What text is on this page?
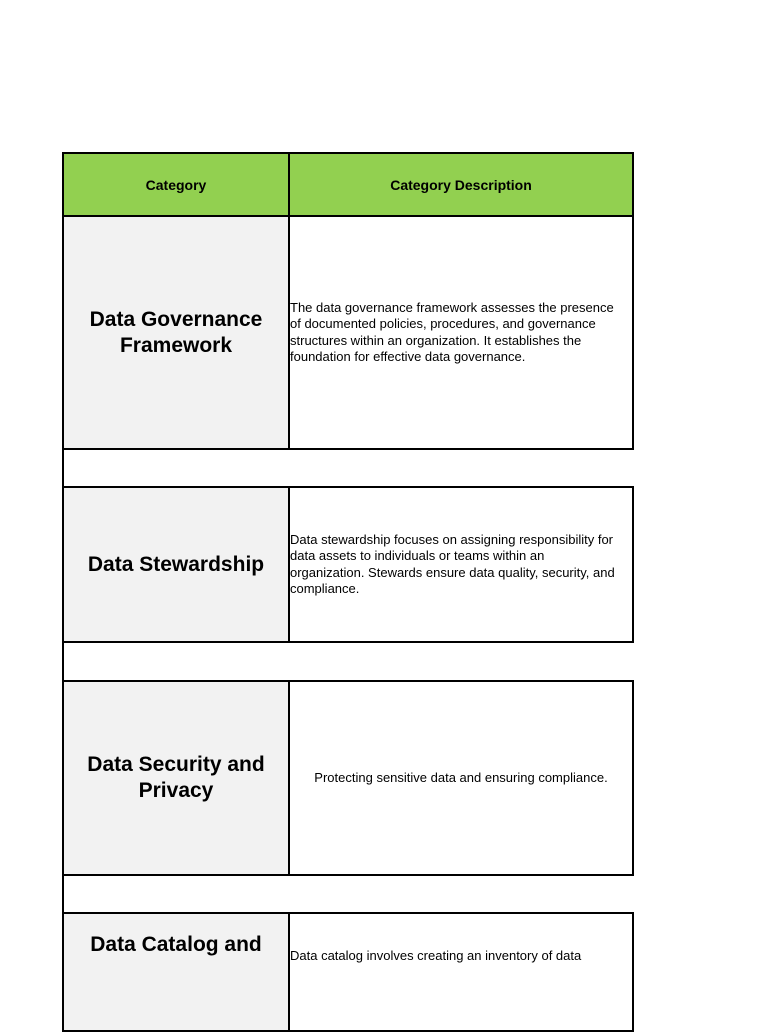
Category	Category Description
Data Governance Framework
The data governance framework assesses the presence of documented policies, procedures, and governance structures within an organization. It establishes the foundation for effective data governance.
Data Stewardship
Data stewardship focuses on assigning responsibility for data assets to individuals or teams within an organization. Stewards ensure data quality, security, and compliance.
Data Security and Privacy
Protecting sensitive data and ensuring compliance.
Data Catalog and	Data catalog involves creating an inventory of data
